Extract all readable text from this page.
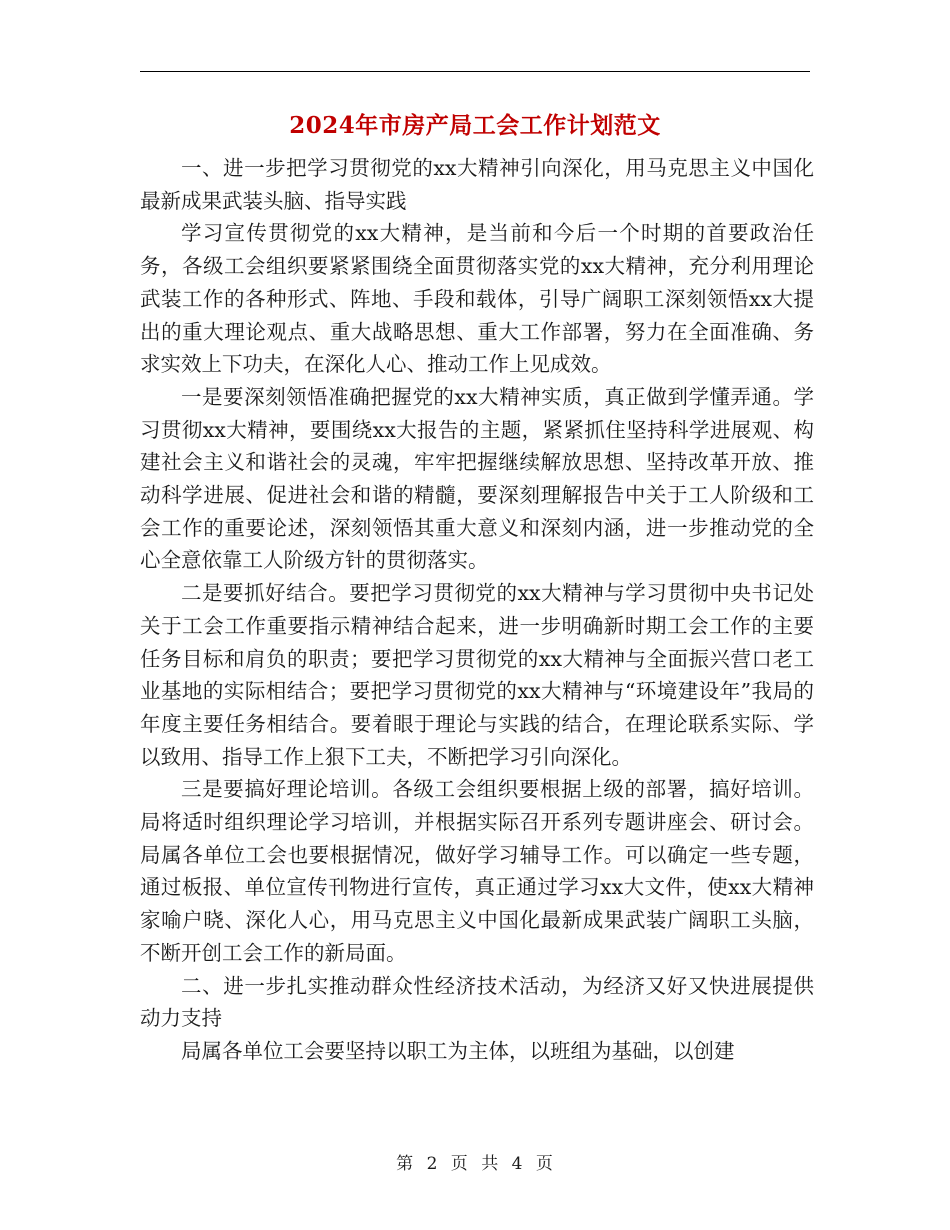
2024年市房产局工会工作计划范文

一、进一步把学习贯彻党的xx大精神引向深化，用马克思主义中国化最新成果武装头脑、指导实践

学习宣传贯彻党的xx大精神，是当前和今后一个时期的首要政治任务，各级工会组织要紧紧围绕全面贯彻落实党的xx大精神，充分利用理论武装工作的各种形式、阵地、手段和载体，引导广阔职工深刻领悟xx大提出的重大理论观点、重大战略思想、重大工作部署，努力在全面准确、务求实效上下功夫，在深化人心、推动工作上见成效。

一是要深刻领悟准确把握党的xx大精神实质，真正做到学懂弄通。学习贯彻xx大精神，要围绕xx大报告的主题，紧紧抓住坚持科学进展观、构建社会主义和谐社会的灵魂，牢牢把握继续解放思想、坚持改革开放、推动科学进展、促进社会和谐的精髓，要深刻理解报告中关于工人阶级和工会工作的重要论述，深刻领悟其重大意义和深刻内涵，进一步推动党的全心全意依靠工人阶级方针的贯彻落实。

二是要抓好结合。要把学习贯彻党的xx大精神与学习贯彻中央书记处关于工会工作重要指示精神结合起来，进一步明确新时期工会工作的主要任务目标和肩负的职责；要把学习贯彻党的xx大精神与全面振兴营口老工业基地的实际相结合；要把学习贯彻党的xx大精神与“环境建设年”我局的年度主要任务相结合。要着眼于理论与实践的结合，在理论联系实际、学以致用、指导工作上狠下工夫，不断把学习引向深化。

三是要搞好理论培训。各级工会组织要根据上级的部署，搞好培训。局将适时组织理论学习培训，并根据实际召开系列专题讲座会、研讨会。局属各单位工会也要根据情况，做好学习辅导工作。可以确定一些专题，通过板报、单位宣传刊物进行宣传，真正通过学习xx大文件，使xx大精神家喻户晓、深化人心，用马克思主义中国化最新成果武装广阔职工头脑，不断开创工会工作的新局面。

二、进一步扎实推动群众性经济技术活动，为经济又好又快进展提供动力支持

局属各单位工会要坚持以职工为主体，以班组为基础，以创建

第 2 页 共 4 页
